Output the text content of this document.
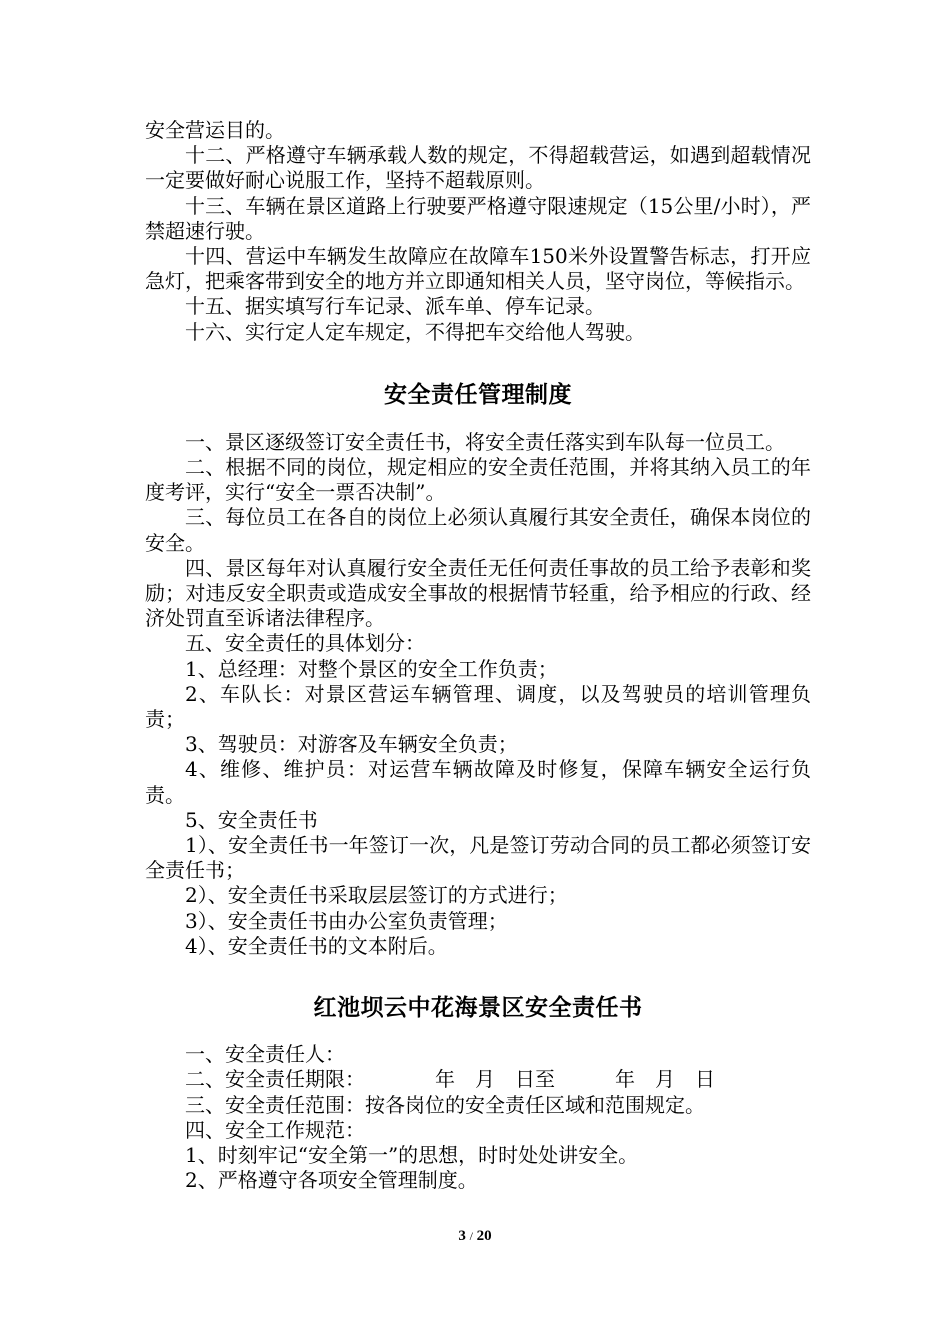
安全营运目的。

十二、严格遵守车辆承载人数的规定，不得超载营运，如遇到超载情况一定要做好耐心说服工作，坚持不超载原则。

十三、车辆在景区道路上行驶要严格遵守限速规定（15公里/小时），严禁超速行驶。

十四、营运中车辆发生故障应在故障车150米外设置警告标志，打开应急灯，把乘客带到安全的地方并立即通知相关人员，坚守岗位，等候指示。

十五、据实填写行车记录、派车单、停车记录。

十六、实行定人定车规定，不得把车交给他人驾驶。

安全责任管理制度

一、景区逐级签订安全责任书，将安全责任落实到车队每一位员工。

二、根据不同的岗位，规定相应的安全责任范围，并将其纳入员工的年度考评，实行“安全一票否决制”。

三、每位员工在各自的岗位上必须认真履行其安全责任，确保本岗位的安全。

四、景区每年对认真履行安全责任无任何责任事故的员工给予表彰和奖励；对违反安全职责或造成安全事故的根据情节轻重，给予相应的行政、经济处罚直至诉诸法律程序。

五、安全责任的具体划分：

1、总经理：对整个景区的安全工作负责；

2、车队长：对景区营运车辆管理、调度，以及驾驶员的培训管理负责；

3、驾驶员：对游客及车辆安全负责；

4、维修、维护员：对运营车辆故障及时修复，保障车辆安全运行负责。

5、安全责任书

1）、安全责任书一年签订一次，凡是签订劳动合同的员工都必须签订安全责任书；

2）、安全责任书采取层层签订的方式进行；

3）、安全责任书由办公室负责管理；

4）、安全责任书的文本附后。

红池坝云中花海景区安全责任书

一、安全责任人：

二、安全责任期限：　　　　年　月　日至　　　年　月　日

三、安全责任范围：按各岗位的安全责任区域和范围规定。

四、安全工作规范：

1、时刻牢记“安全第一”的思想，时时处处讲安全。

2、严格遵守各项安全管理制度。

3 / 20
